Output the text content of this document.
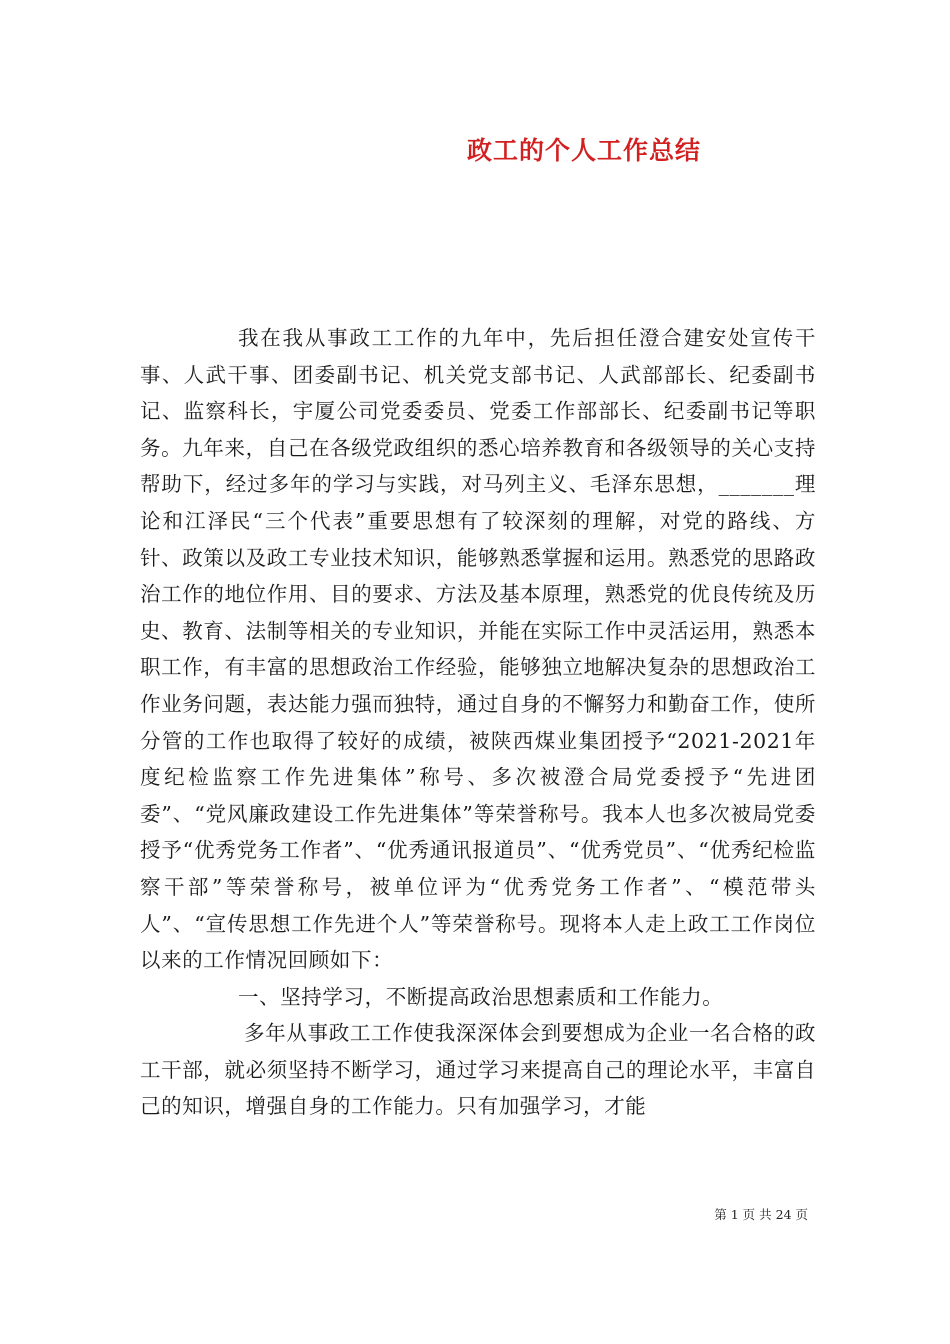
政工的个人工作总结

我在我从事政工工作的九年中，先后担任澄合建安处宣传干事、人武干事、团委副书记、机关党支部书记、人武部部长、纪委副书记、监察科长，宇厦公司党委委员、党委工作部部长、纪委副书记等职务。九年来，自己在各级党政组织的悉心培养教育和各级领导的关心支持帮助下，经过多年的学习与实践，对马列主义、毛泽东思想，_______理论和江泽民“三个代表”重要思想有了较深刻的理解，对党的路线、方针、政策以及政工专业技术知识，能够熟悉掌握和运用。熟悉党的思路政治工作的地位作用、目的要求、方法及基本原理，熟悉党的优良传统及历史、教育、法制等相关的专业知识，并能在实际工作中灵活运用，熟悉本职工作，有丰富的思想政治工作经验，能够独立地解决复杂的思想政治工作业务问题，表达能力强而独特，通过自身的不懈努力和勤奋工作，使所分管的工作也取得了较好的成绩，被陕西煤业集团授予“2021-2021年度纪检监察工作先进集体”称号、多次被澄合局党委授予“先进团委”、“党风廉政建设工作先进集体”等荣誉称号。我本人也多次被局党委授予“优秀党务工作者”、“优秀通讯报道员”、“优秀党员”、“优秀纪检监察干部”等荣誉称号，被单位评为“优秀党务工作者”、“模范带头人”、“宣传思想工作先进个人”等荣誉称号。现将本人走上政工工作岗位以来的工作情况回顾如下：

一、坚持学习，不断提高政治思想素质和工作能力。

多年从事政工工作使我深深体会到要想成为企业一名合格的政工干部，就必须坚持不断学习，通过学习来提高自己的理论水平，丰富自己的知识，增强自身的工作能力。只有加强学习，才能

第 1 页 共 24 页
